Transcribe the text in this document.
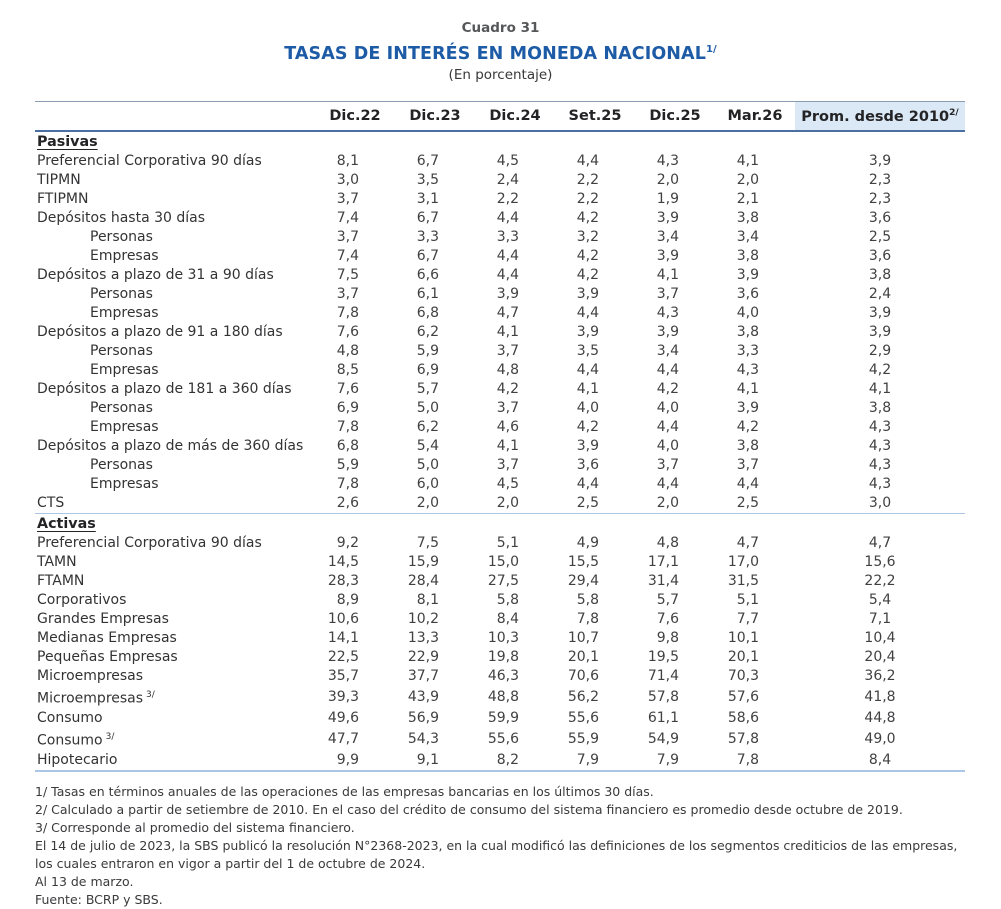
Cuadro 31
TASAS DE INTERÉS EN MONEDA $NACIONAL^{1/}$
(En porcentaje)
	Dic.22	Dic.23	Dic.24	Set.25	Dic.25	Mar.26	Prom. desde $2010^{2/}$
Pasivas							
Preferencial Corporativa 90 días	8,1	6,7	4,5	4,4	4,3	4,1	3,9
TIPMN	3,0	3,5	2,4	2,2	2,0	2,0	2,3
FTIPMN	3,7	3,1	2,2	2,2	1,9	2,1	2,3
Depósitos hasta 30 días	7,4	6,7	4,4	4,2	3,9	3,8	3,6
Personas	3,7	3,3	3,3	3,2	3,4	3,4	2,5
Empresas	7,4	6,7	4,4	4,2	3,9	3,8	3,6
Depósitos a plazo de 31 a 90 días	7,5	6,6	4,4	4,2	4,1	3,9	3,8
Personas	3,7	6,1	3,9	3,9	3,7	3,6	2,4
Empresas	7,8	6,8	4,7	4,4	4,3	4,0	3,9
Depósitos a plazo de 91 a 180 días	7,6	6,2	4,1	3,9	3,9	3,8	3,9
Personas	4,8	5,9	3,7	3,5	3,4	3,3	2,9
Empresas	8,5	6,9	4,8	4,4	4,4	4,3	4,2
Depósitos a plazo de 181 a 360 días	7,6	5,7	4,2	4,1	4,2	4,1	4,1
Personas	6,9	5,0	3,7	4,0	4,0	3,9	3,8
Empresas	7,8	6,2	4,6	4,2	4,4	4,2	4,3
Depósitos a plazo de más de 360 días	6,8	5,4	4,1	3,9	4,0	3,8	4,3
Personas	5,9	5,0	3,7	3,6	3,7	3,7	4,3
Empresas	7,8	6,0	4,5	4,4	4,4	4,4	4,3
CTS	2,6	2,0	2,0	2,5	2,0	2,5	3,0
Activas							
Preferencial Corporativa 90 días	9,2	7,5	5,1	4,9	4,8	4,7	4,7
TAMN	14,5	15,9	15,0	15,5	17,1	17,0	15,6
FTAMN	28,3	28,4	27,5	29,4	31,4	31,5	22,2
Corporativos	8,9	8,1	5,8	5,8	5,7	5,1	5,4
Grandes Empresas	10,6	10,2	8,4	7,8	7,6	7,7	7,1
Medianas Empresas	14,1	13,3	10,3	10,7	9,8	10,1	10,4
Pequeñas Empresas	22,5	22,9	19,8	20,1	19,5	20,1	20,4
Microempresas	35,7	37,7	46,3	70,6	71,4	70,3	36,2
Microempresas $^{3/}$	39,3	43,9	48,8	56,2	57,8	57,6	41,8
Consumo	49,6	56,9	59,9	55,6	61,1	58,6	44,8
Consumo $^{3/}$	47,7	54,3	55,6	55,9	54,9	57,8	49,0
Hipotecario	9,9	9,1	8,2	7,9	7,9	7,8	8,4
1/ Tasas en términos anuales de las operaciones de las empresas bancarias en los últimos 30 días.
2/ Calculado a partir de setiembre de 2010. En el caso del crédito de consumo del sistema financiero es promedio desde octubre de 2019.
3/ Corresponde al promedio del sistema financiero.
El 14 de julio de 2023, la SBS publicó la resolución N°2368-2023, en la cual modificó las definiciones de los segmentos crediticios de las empresas, los cuales entraron en vigor a partir del 1 de octubre de 2024.
Al 13 de marzo.
Fuente: BCRP y SBS.
